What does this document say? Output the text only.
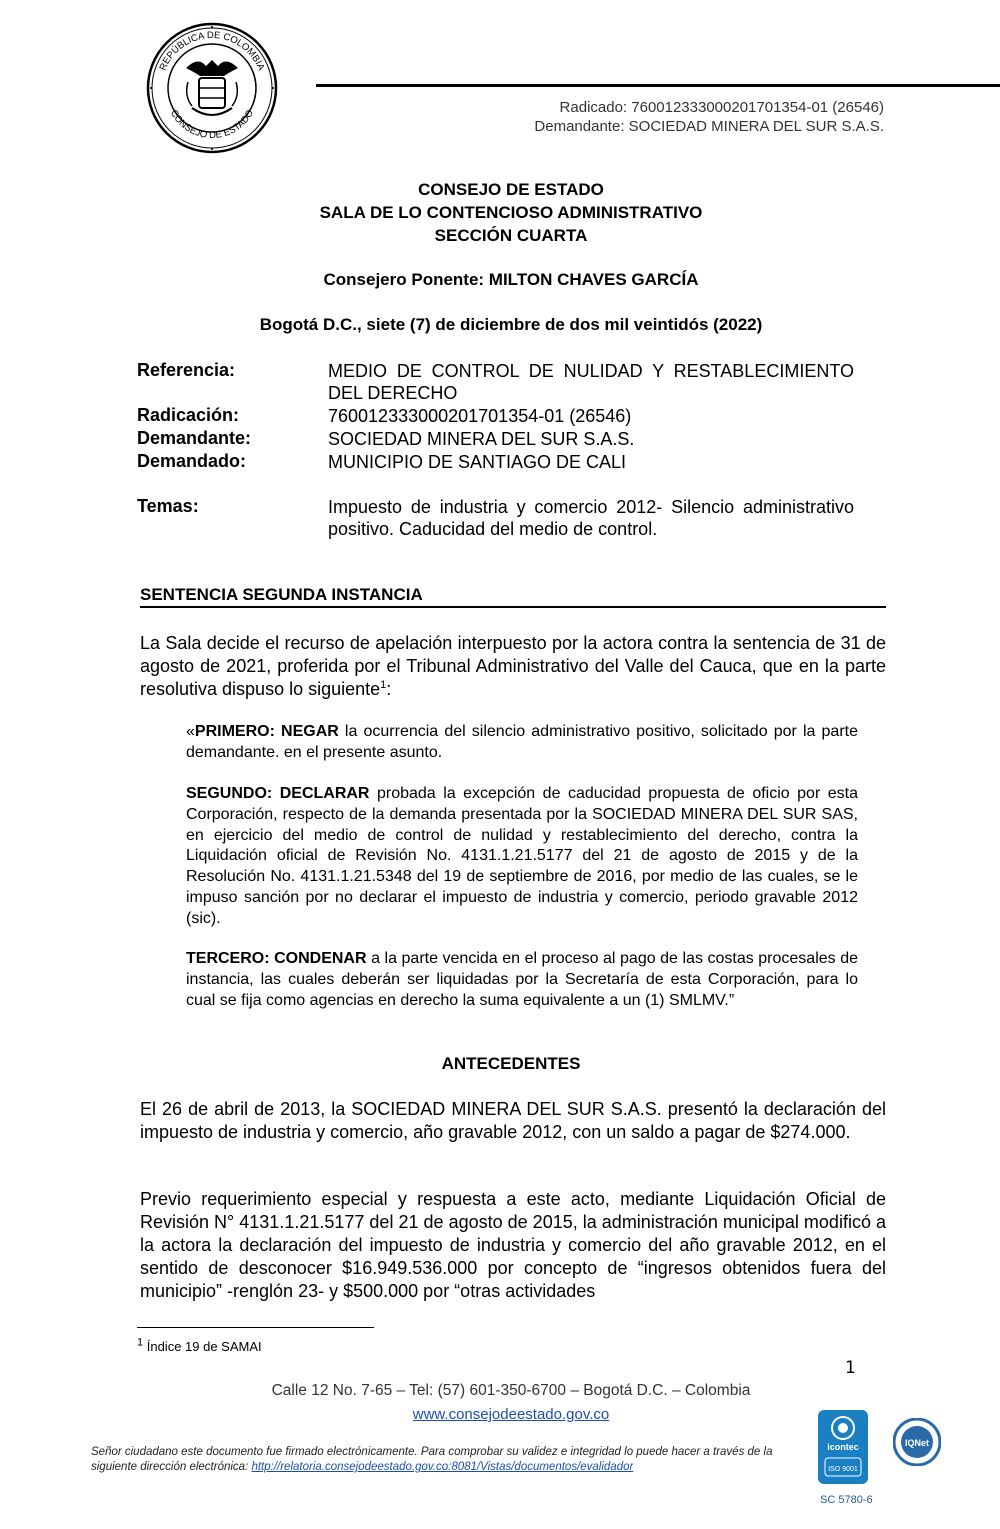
REPÚBLICA DE COLOMBIA
CONSEJO DE ESTADO	Radicado: 760012333000201701354-01 (26546)
Demandante: SOCIEDAD MINERA DEL SUR S.A.S.
CONSEJO DE ESTADO
SALA DE LO CONTENCIOSO ADMINISTRATIVO
SECCIÓN CUARTA
Consejero Ponente: MILTON CHAVES GARCÍA
Bogotá D.C., siete (7) de diciembre de dos mil veintidós (2022)
Referencia:	MEDIO DE CONTROL DE NULIDAD Y RESTABLECIMIENTO DEL DERECHO
Radicación:	760012333000201701354-01 (26546)
Demandante:	SOCIEDAD MINERA DEL SUR S.A.S.
Demandado:	MUNICIPIO DE SANTIAGO DE CALI
Temas:	Impuesto de industria y comercio 2012- Silencio administrativo positivo. Caducidad del medio de control.
SENTENCIA SEGUNDA INSTANCIA
La Sala decide el recurso de apelación interpuesto por la actora contra la sentencia de 31 de agosto de 2021, proferida por el Tribunal Administrativo del Valle del Cauca, que en la parte resolutiva dispuso lo siguiente$^1$:
«PRIMERO: NEGAR la ocurrencia del silencio administrativo positivo, solicitado por la parte demandante. en el presente asunto.
SEGUNDO: DECLARAR probada la excepción de caducidad propuesta de oficio por esta Corporación, respecto de la demanda presentada por la SOCIEDAD MINERA DEL SUR SAS, en ejercicio del medio de control de nulidad y restablecimiento del derecho, contra la Liquidación oficial de Revisión No. 4131.1.21.5177 del 21 de agosto de 2015 y de la Resolución No. 4131.1.21.5348 del 19 de septiembre de 2016, por medio de las cuales, se le impuso sanción por no declarar el impuesto de industria y comercio, periodo gravable 2012 (sic).
TERCERO: CONDENAR a la parte vencida en el proceso al pago de las costas procesales de instancia, las cuales deberán ser liquidadas por la Secretaría de esta Corporación, para lo cual se fija como agencias en derecho la suma equivalente a un (1) SMLMV.”
ANTECEDENTES
El 26 de abril de 2013, la SOCIEDAD MINERA DEL SUR S.A.S. presentó la declaración del impuesto de industria y comercio, año gravable 2012, con un saldo a pagar de $274.000.
Previo requerimiento especial y respuesta a este acto, mediante Liquidación Oficial de Revisión N° 4131.1.21.5177 del 21 de agosto de 2015, la administración municipal modificó a la actora la declaración del impuesto de industria y comercio del año gravable 2012, en el sentido de desconocer $16.949.536.000 por concepto de “ingresos obtenidos fuera del municipio” -renglón 23- y $500.000 por “otras actividades
$^1$ Índice 19 de SAMAI
1
Calle 12 No. 7-65 – Tel: (57) 601-350-6700 – Bogotá D.C. – Colombia
www.consejodeestado.gov.co
Señor ciudadano este documento fue firmado electrónicamente. Para comprobar su validez e integridad lo puede hacer a través de la siguiente dirección electrónica: http://relatoria.consejodeestado.gov.co:8081/Vistas/documentos/evalidador
icontec
ISO 9001
IQNet
SC 5780-6
